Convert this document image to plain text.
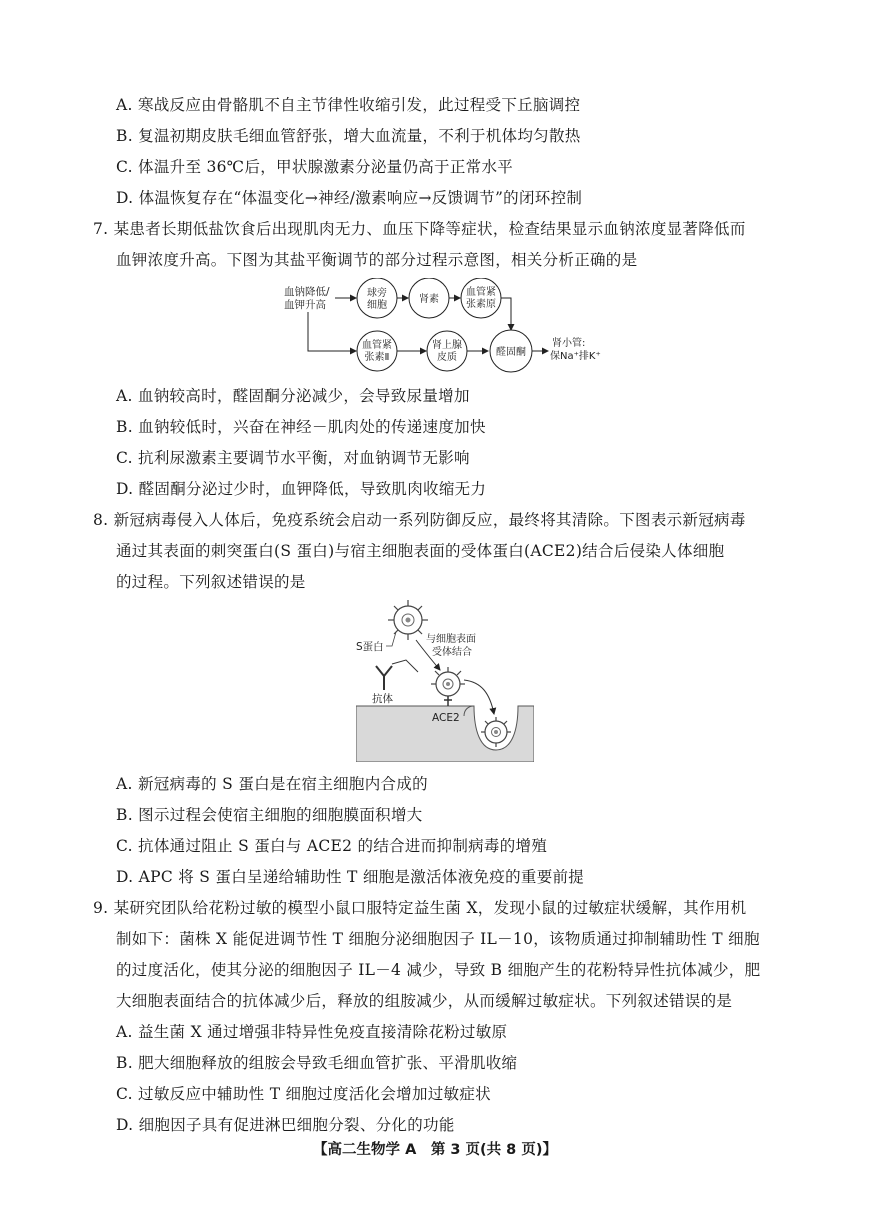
A. 寒战反应由骨骼肌不自主节律性收缩引发，此过程受下丘脑调控
B. 复温初期皮肤毛细血管舒张，增大血流量，不利于机体均匀散热
C. 体温升至 36℃后，甲状腺激素分泌量仍高于正常水平
D. 体温恢复存在“体温变化→神经/激素响应→反馈调节”的闭环控制
7. 某患者长期低盐饮食后出现肌肉无力、血压下降等症状，检查结果显示血钠浓度显著降低而
血钾浓度升高。下图为其盐平衡调节的部分过程示意图，相关分析正确的是
血钠降低/
血钾升高
球旁
细胞
肾素
血管紧
张素原
血管紧
张素Ⅱ
肾上腺
皮质	醛固酮
肾小管:
保Na⁺排K⁺
A. 血钠较高时，醛固酮分泌减少，会导致尿量增加
B. 血钠较低时，兴奋在神经－肌肉处的传递速度加快
C. 抗利尿激素主要调节水平衡，对血钠调节无影响
D. 醛固酮分泌过少时，血钾降低，导致肌肉收缩无力
8. 新冠病毒侵入人体后，免疫系统会启动一系列防御反应，最终将其清除。下图表示新冠病毒
通过其表面的刺突蛋白(S 蛋白)与宿主细胞表面的受体蛋白(ACE2)结合后侵染人体细胞
的过程。下列叙述错误的是
S蛋白
与细胞表面
受体结合
抗体
ACE2
A. 新冠病毒的 S 蛋白是在宿主细胞内合成的
B. 图示过程会使宿主细胞的细胞膜面积增大
C. 抗体通过阻止 S 蛋白与 ACE2 的结合进而抑制病毒的增殖
D. APC 将 S 蛋白呈递给辅助性 T 细胞是激活体液免疫的重要前提
9. 某研究团队给花粉过敏的模型小鼠口服特定益生菌 X，发现小鼠的过敏症状缓解，其作用机
制如下：菌株 X 能促进调节性 T 细胞分泌细胞因子 IL－10，该物质通过抑制辅助性 T 细胞
的过度活化，使其分泌的细胞因子 IL－4 减少，导致 B 细胞产生的花粉特异性抗体减少，肥
大细胞表面结合的抗体减少后，释放的组胺减少，从而缓解过敏症状。下列叙述错误的是
A. 益生菌 X 通过增强非特异性免疫直接清除花粉过敏原
B. 肥大细胞释放的组胺会导致毛细血管扩张、平滑肌收缩
C. 过敏反应中辅助性 T 细胞过度活化会增加过敏症状
D. 细胞因子具有促进淋巴细胞分裂、分化的功能
【高二生物学 A　第 3 页(共 8 页)】
